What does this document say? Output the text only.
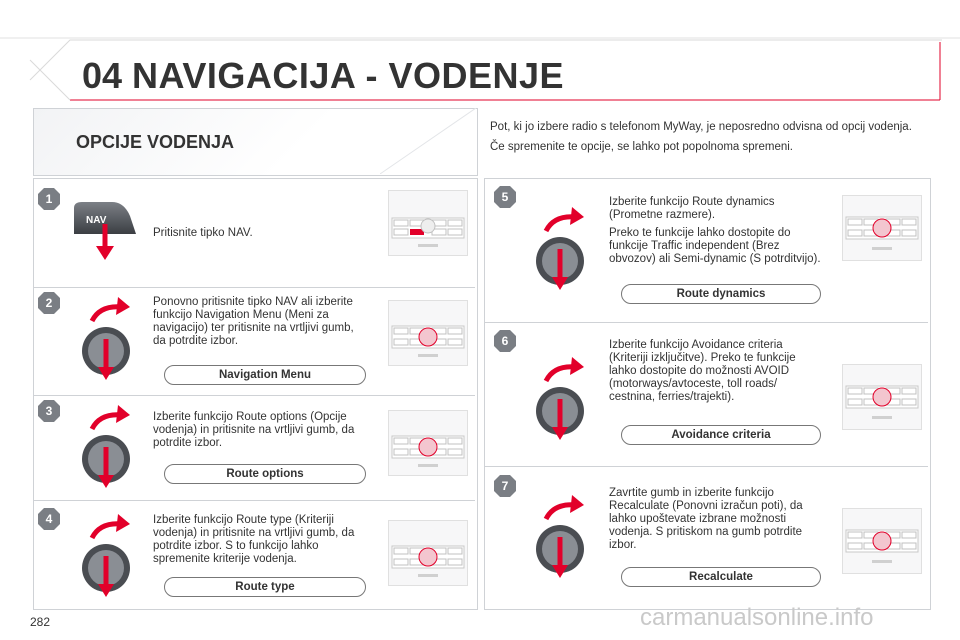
04 NAVIGACIJA - VODENJE
OPCIJE VODENJA

Pot, ki jo izbere radio s telefonom MyWay, je neposredno odvisna od opcij vodenja.

Če spremenite te opcije, se lahko pot popolnoma spremeni.

1
NAV
Pritisnite tipko NAV.
2	Ponovno pritisnite tipko NAV ali izberite funkcijo Navigation Menu (Meni za navigacijo) ter pritisnite na vrtljivi gumb, da potrdite izbor.
Navigation Menu
3	Izberite funkcijo Route options (Opcije vodenja) in pritisnite na vrtljivi gumb, da potrdite izbor.
Route options
4	Izberite funkcijo Route type (Kriteriji vodenja) in pritisnite na vrtljivi gumb, da potrdite izbor. S to funkcijo lahko spremenite kriterije vodenja.
Route type
5	Izberite funkcijo Route dynamics (Prometne razmere).

Preko te funkcije lahko dostopite do funkcije Traffic independent (Brez obvozov) ali Semi-dynamic (S potrditvijo).

Route dynamics
6	Izberite funkcijo Avoidance criteria (Kriteriji izključitve). Preko te funkcije lahko dostopite do možnosti AVOID (motorways/avtoceste, toll roads/ cestnina, ferries/trajekti).
Avoidance criteria
7	Zavrtite gumb in izberite funkcijo Recalculate (Ponovni izračun poti), da lahko upoštevate izbrane možnosti vodenja. S pritiskom na gumb potrdite izbor.
Recalculate
282	carmanualsonline.info
